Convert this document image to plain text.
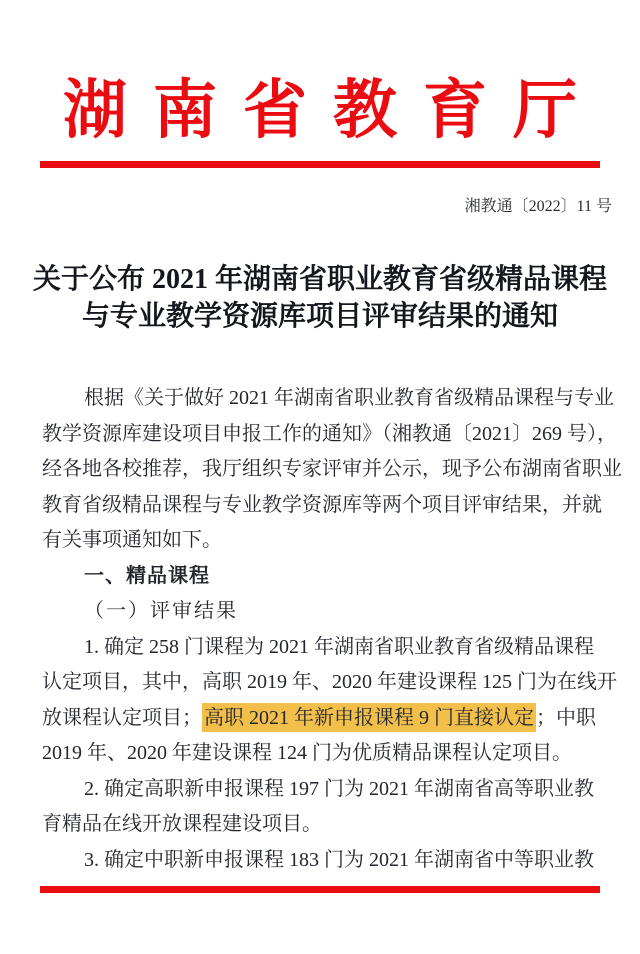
湖南省教育厅
湘教通〔2022〕11 号
关于公布 2021 年湖南省职业教育省级精品课程
与专业教学资源库项目评审结果的通知
根据《关于做好 2021 年湖南省职业教育省级精品课程与专业
教学资源库建设项目申报工作的通知》（湘教通〔2021〕269 号），
经各地各校推荐，我厅组织专家评审并公示，现予公布湖南省职业
教育省级精品课程与专业教学资源库等两个项目评审结果，并就
有关事项通知如下。
一、精品课程
（一）评审结果
1. 确定 258 门课程为 2021 年湖南省职业教育省级精品课程
认定项目，其中，高职 2019 年、2020 年建设课程 125 门为在线开
放课程认定项目； 高职 2021 年新申报课程 9 门直接认定 ；中职
2019 年、2020 年建设课程 124 门为优质精品课程认定项目。
2. 确定高职新申报课程 197 门为 2021 年湖南省高等职业教
育精品在线开放课程建设项目。
3. 确定中职新申报课程 183 门为 2021 年湖南省中等职业教
